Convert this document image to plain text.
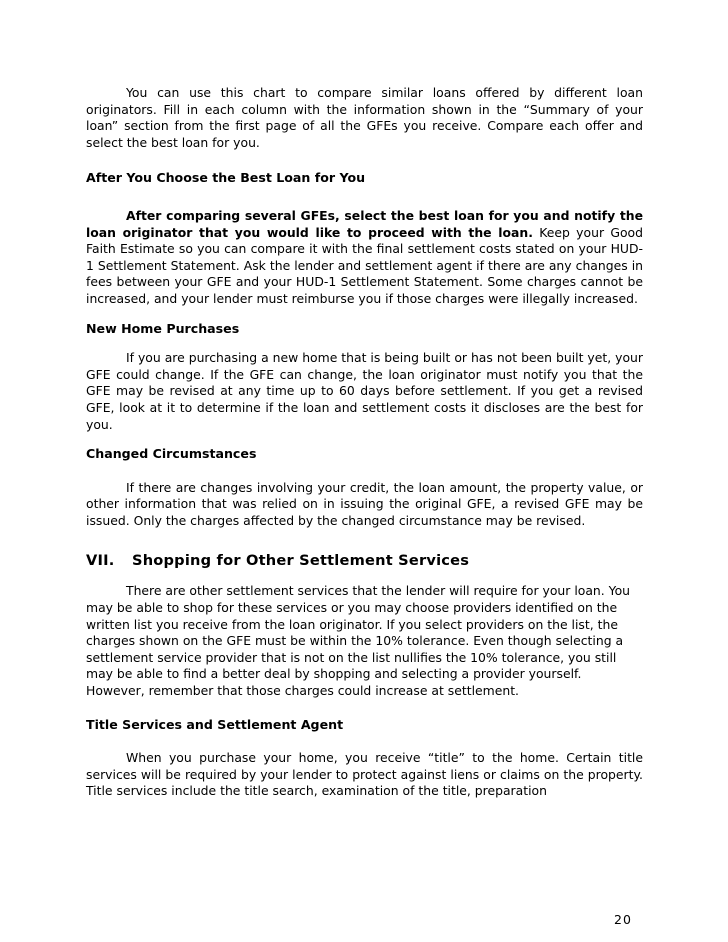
You can use this chart to compare similar loans offered by different loan originators. Fill in each column with the information shown in the “Summary of your loan” section from the first page of all the GFEs you receive. Compare each offer and select the best loan for you.

After You Choose the Best Loan for You

After comparing several GFEs, select the best loan for you and notify the loan originator that you would like to proceed with the loan. Keep your Good Faith Estimate so you can compare it with the final settlement costs stated on your HUD-1 Settlement Statement. Ask the lender and settlement agent if there are any changes in fees between your GFE and your HUD-1 Settlement Statement. Some charges cannot be increased, and your lender must reimburse you if those charges were illegally increased.

New Home Purchases

If you are purchasing a new home that is being built or has not been built yet, your GFE could change. If the GFE can change, the loan originator must notify you that the GFE may be revised at any time up to 60 days before settlement. If you get a revised GFE, look at it to determine if the loan and settlement costs it discloses are the best for you.

Changed Circumstances

If there are changes involving your credit, the loan amount, the property value, or other information that was relied on in issuing the original GFE, a revised GFE may be issued. Only the charges affected by the changed circumstance may be revised.

VII. Shopping for Other Settlement Services

There are other settlement services that the lender will require for your loan. You may be able to shop for these services or you may choose providers identified on the written list you receive from the loan originator. If you select providers on the list, the charges shown on the GFE must be within the 10% tolerance. Even though selecting a settlement service provider that is not on the list nullifies the 10% tolerance, you still may be able to find a better deal by shopping and selecting a provider yourself. However, remember that those charges could increase at settlement.

Title Services and Settlement Agent

When you purchase your home, you receive “title” to the home. Certain title services will be required by your lender to protect against liens or claims on the property. Title services include the title search, examination of the title, preparation

20
